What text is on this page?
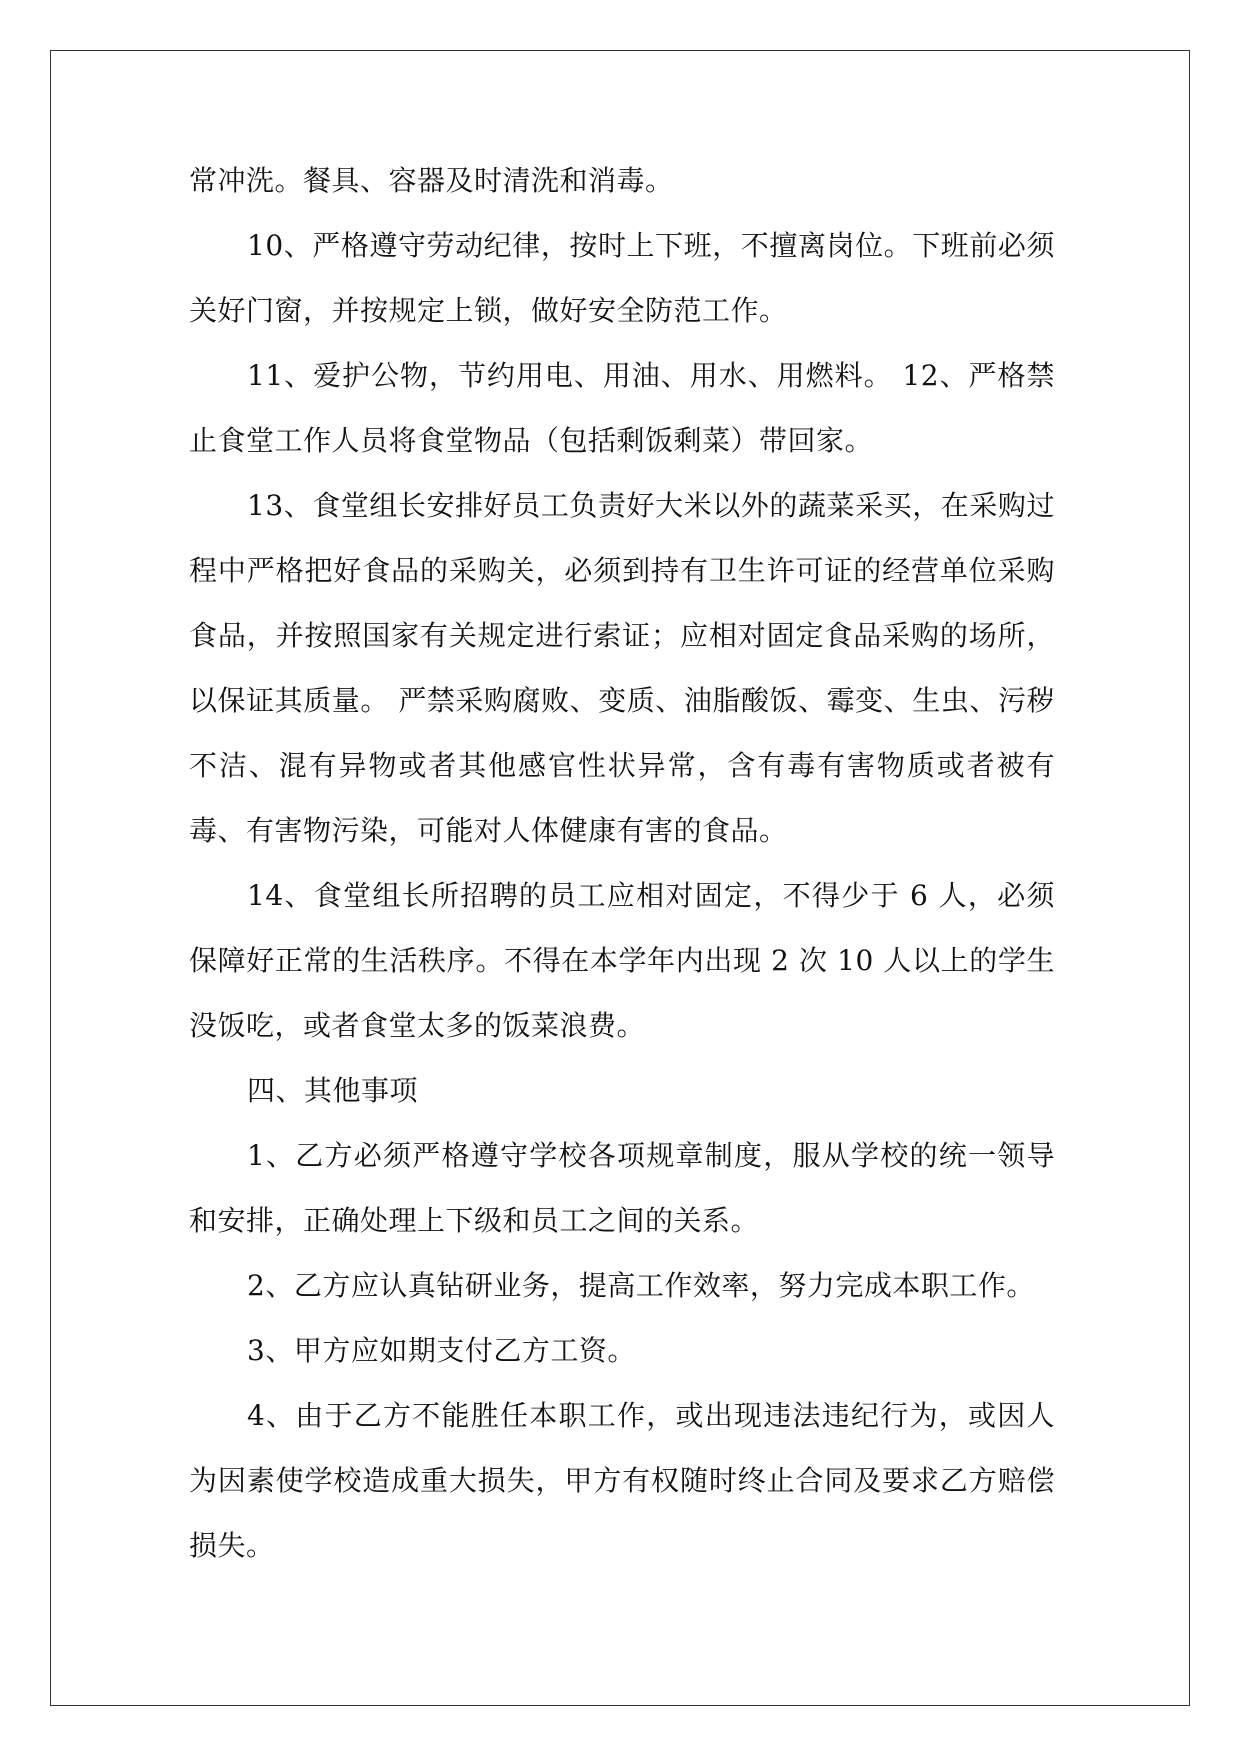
常冲洗。餐具、容器及时清洗和消毒。

10、严格遵守劳动纪律，按时上下班，不擅离岗位。下班前必须关好门窗，并按规定上锁，做好安全防范工作。

11、爱护公物，节约用电、用油、用水、用燃料。 12、严格禁止食堂工作人员将食堂物品（包括剩饭剩菜）带回家。

13、食堂组长安排好员工负责好大米以外的蔬菜采买，在采购过程中严格把好食品的采购关，必须到持有卫生许可证的经营单位采购食品，并按照国家有关规定进行索证；应相对固定食品采购的场所，以保证其质量。 严禁采购腐败、变质、油脂酸饭、霉变、生虫、污秽不洁、混有异物或者其他感官性状异常，含有毒有害物质或者被有毒、有害物污染，可能对人体健康有害的食品。

14、食堂组长所招聘的员工应相对固定，不得少于 6 人，必须保障好正常的生活秩序。不得在本学年内出现 2 次 10 人以上的学生没饭吃，或者食堂太多的饭菜浪费。

四、其他事项

1、乙方必须严格遵守学校各项规章制度，服从学校的统一领导和安排，正确处理上下级和员工之间的关系。

2、乙方应认真钻研业务，提高工作效率，努力完成本职工作。

3、甲方应如期支付乙方工资。

4、由于乙方不能胜任本职工作，或出现违法违纪行为，或因人为因素使学校造成重大损失，甲方有权随时终止合同及要求乙方赔偿损失。
